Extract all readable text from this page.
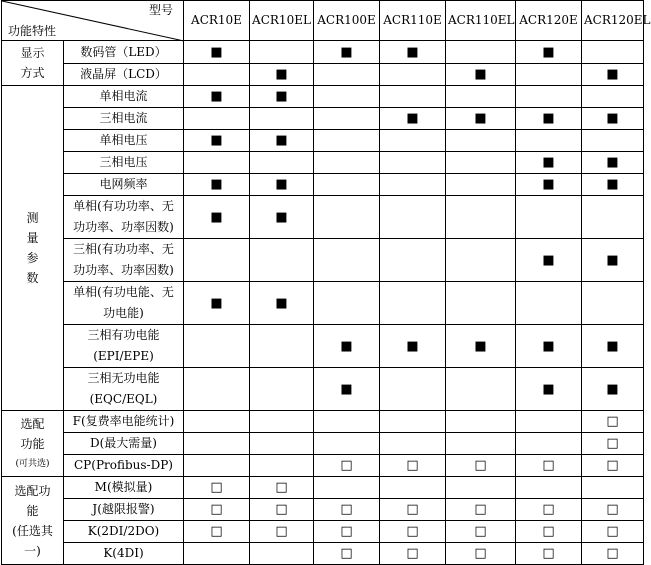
型号
功能特性		ACR10E	ACR10EL	ACR100E	ACR110E	ACR110EL	ACR120E	ACR120EL

显示
方式	数码管（LED）	■		■	■		■	
	液晶屏（LCD）		■			■		■

测
量
参
数	单相电流	■	■					
	三相电流				■	■	■	■
	单相电压	■	■					
	三相电压						■	■
	电网频率	■	■				■	■

	单相(有功功率、无
功功率、功率因数)	■	■					

	三相(有功功率、无
功功率、功率因数)						■	■

	单相(有功电能、无
功电能)	■	■					

	三相有功电能
(EPI/EPE)			■	■	■	■	■

	三相无功电能
(EQC/EQL)			■			■	■

选配
功能
(可共选)	F(复费率电能统计)							□
	D(最大需量)							□
	CP(Profibus-DP)			□	□	□	□	□

选配功
能
(任选其
一)	M(模拟量)	□	□					
	J(越限报警)	□	□	□	□	□	□	□
	K(2DI/2DO)	□	□	□	□	□	□	□
	K(4DI)			□	□	□	□	□
